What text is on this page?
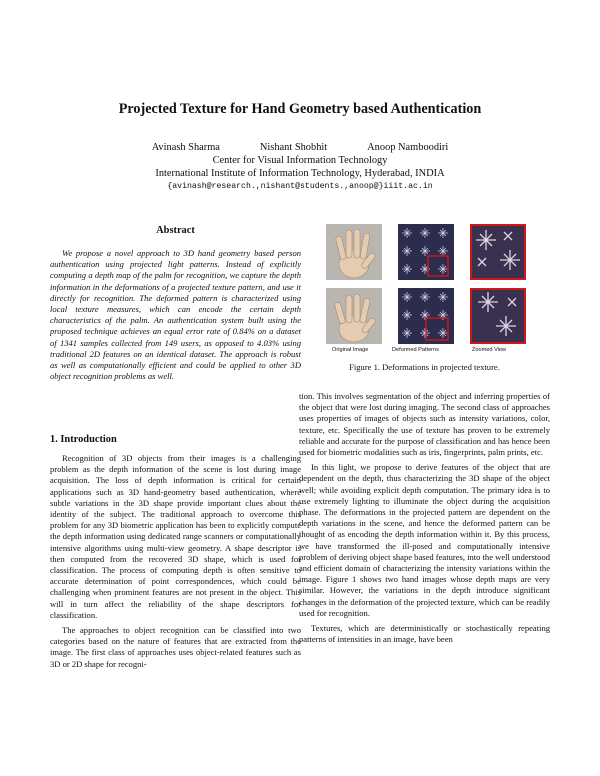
Projected Texture for Hand Geometry based Authentication
Avinash Sharma	Nishant Shobhit	Anoop Namboodiri
Center for Visual Information Technology
International Institute of Information Technology, Hyderabad, INDIA
{avinash@research.,nishant@students.,anoop@}iiit.ac.in
Abstract

We propose a novel approach to 3D hand geometry based person authentication using projected light patterns. Instead of explicitly computing a depth map of the palm for recognition, we capture the depth information in the deformations of a projected texture pattern, and use it directly for recognition. The deformed pattern is characterized using local texture measures, which can encode the certain depth characteristics of the palm. An authentication system built using the proposed technique achieves an equal error rate of 0.84% on a dataset of 1341 samples collected from 149 users, as opposed to 4.03% using traditional 2D features on an identical dataset. The approach is robust as well as computationally efficient and could be applied to other 3D object recognition problems as well.

1. Introduction

Recognition of 3D objects from their images is a challenging problem as the depth information of the scene is lost during image acquisition. The loss of depth information is critical for certain applications such as 3D hand-geometry based authentication, where subtle variations in the 3D shape provide important clues about the identity of the subject. The traditional approach to overcome this problem for any 3D biometric application has been to explicitly compute the depth information using dedicated range scanners or computationally intensive algorithms using multi-view geometry. A shape descriptor is then computed from the recovered 3D shape, which is used for classification. The process of computing depth is often sensitive to accurate determination of point correspondences, which could be challenging when prominent features are not present in the object. This will in turn affect the reliability of the shape descriptors for classification.

The approaches to object recognition can be classified into two categories based on the nature of features that are extracted from the image. The first class of approaches uses object-related features such as 3D or 2D shape for recogni-

Original Image	Deformed Patterns	Zoomed View
Figure 1. Deformations in projected texture.

tion. This involves segmentation of the object and inferring properties of the object that were lost during imaging. The second class of approaches uses properties of images of objects such as intensity variations, color, texture, etc. Specifically the use of texture has proven to be extremely reliable and accurate for the purpose of classification and has hence been used for biometric modalities such as iris, fingerprints, palm prints, etc.

In this light, we propose to derive features of the object that are dependent on the depth, thus characterizing the 3D shape of the object well; while avoiding explicit depth computation. The primary idea is to use extremely lighting to illuminate the object during the acquisition phase. The deformations in the projected pattern are dependent on the depth variations in the scene, and hence the deformed pattern can be thought of as encoding the depth information within it. By this process, we have transformed the ill-posed and computationally intensive problem of deriving object shape based features, into the well understood and efficient domain of characterizing the intensity variations within the image. Figure 1 shows two hand images whose depth maps are very similar. However, the variations in the depth introduce significant changes in the deformation of the projected texture, which can be readily used for recognition.

Textures, which are deterministically or stochastically repeating patterns of intensities in an image, have been
